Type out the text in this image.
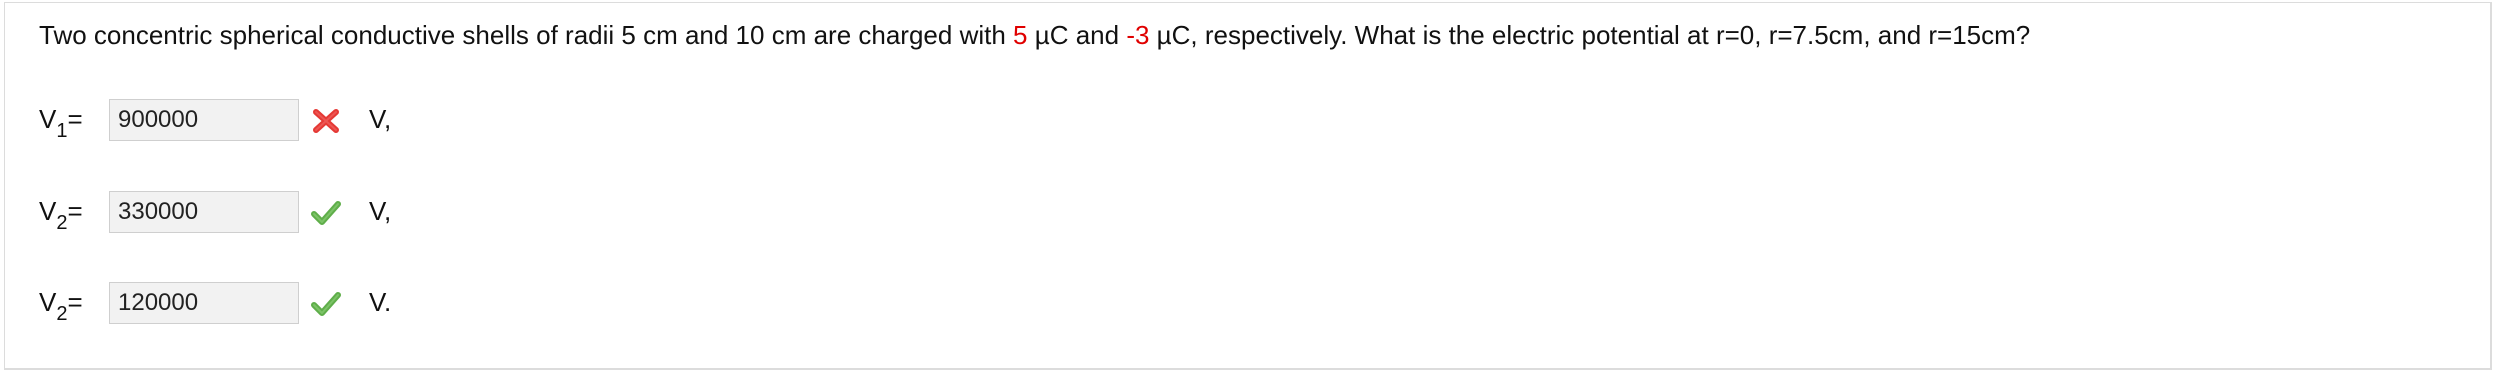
Two concentric spherical conductive shells of radii 5 cm and 10 cm are charged with 5 µC and -3 µC, respectively. What is the electric potential at r=0, r=7.5cm, and r=15cm?
$V_1=$	900000	V,
$V_2=$	330000	V,
$V_2=$	120000	V.
